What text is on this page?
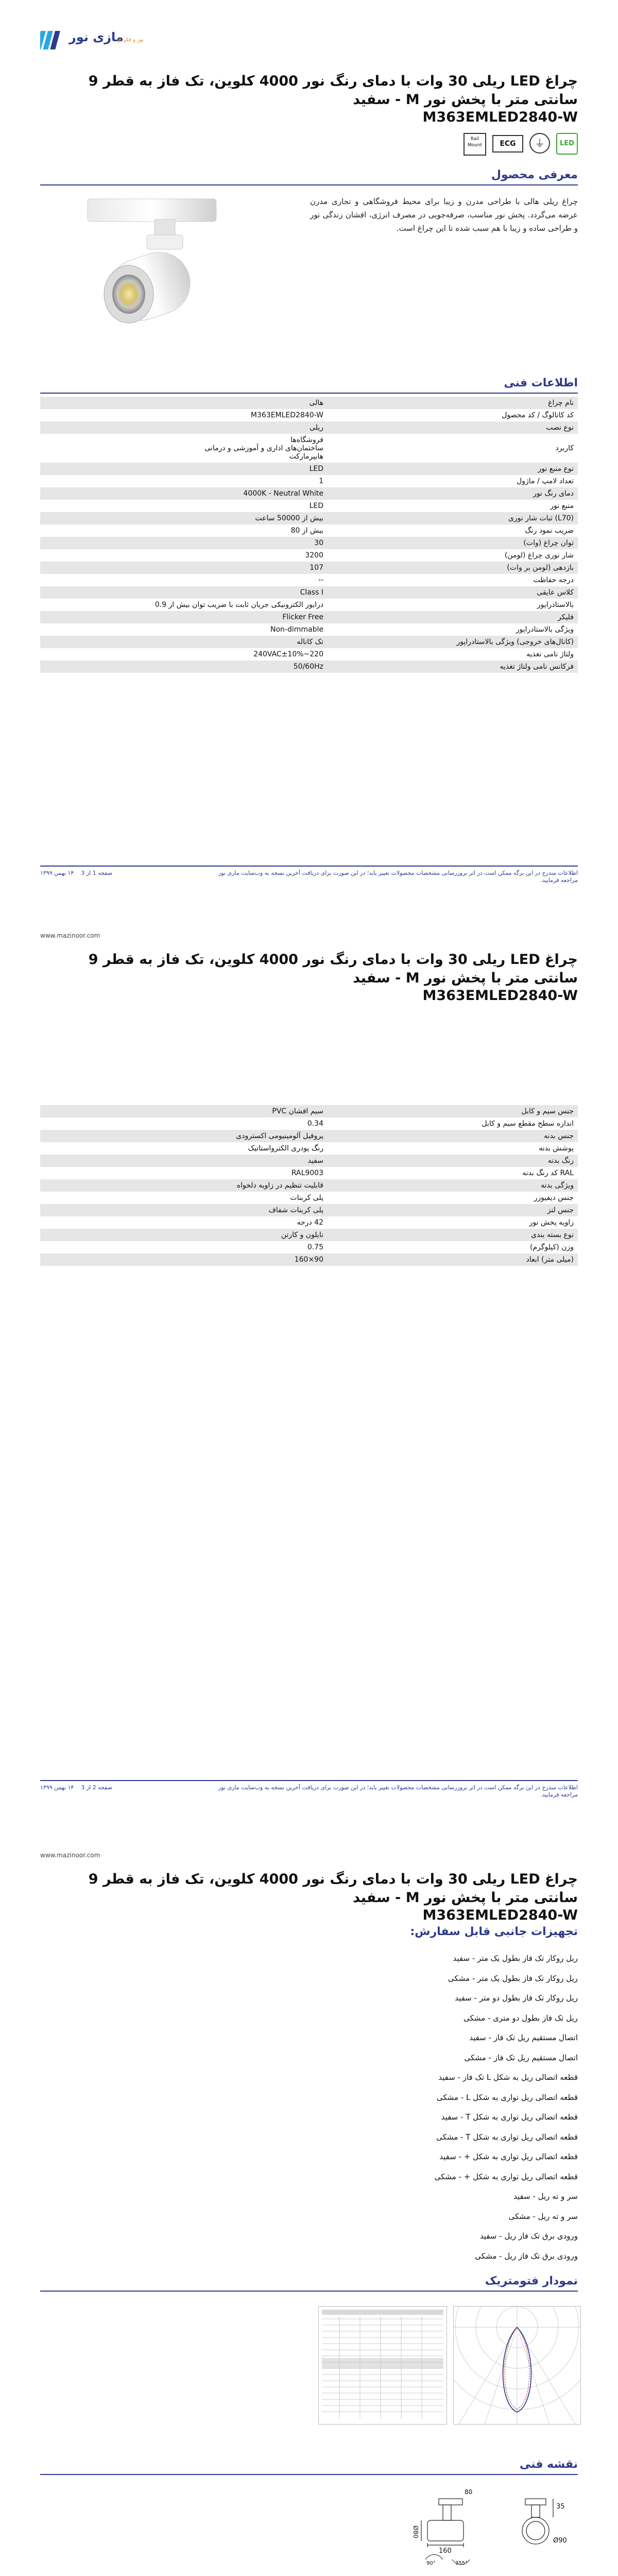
مازی نور
نور و فکر نو
چراغ LED ریلی 30 وات با دمای رنگ نور 4000 کلوین، تک فاز به قطر 9 سانتی متر با پخش نور M - سفید
M363EMLED2840-W
LED
⏚
ECG
Rail Mount
معرفی محصول
چراغ ریلی هالی با طراحی مدرن و زیبا برای محیط فروشگاهی و تجاری مدرن عرضه می‌گردد. پخش نور مناسب، صرفه‌جویی در مصرف انرژی، افشان زندگی نور و طراحی ساده و زیبا با هم سبب شده تا این چراغ است.
اطلاعات فنی
نام چراغ	هالی
کد کاتالوگ / کد محصول	M363EMLED2840-W
نوع نصب	ریلی
کاربرد	فروشگاه‌ها
ساختمان‌های اداری و آموزشی و درمانی
هایپرمارکت
نوع منبع نور	LED
تعداد لامپ / ماژول	1
دمای رنگ نور	4000K - Neutral White
منبع نور	LED
(L70) ثبات شار نوری	بیش از 50000 ساعت
ضریب نمود رنگ	بیش از 80
توان چراغ (وات)	30
شار نوری چراغ (لومن)	3200
بازدهی (لومن بر وات)	107
درجه حفاظت	--
کلاس عایقی	Class I
بالاستادراپور	درایور الکترونیکی جریان ثابت با ضریب توان بیش از 0.9
فلیکر	Flicker Free
ویژگی بالاستادراپور	Non-dimmable
(کانال‌های خروجی) ویژگی بالاستادراپور	تک کاناله
ولتاژ نامی تغذیه	220~240VAC±10%
فرکانس نامی ولتاژ تغذیه	50/60Hz
اطلاعات مندرج در این برگه ممکن است در اثر بروزرسانی مشخصات محصولات تغییر یابد؛ در این صورت برای دریافت آخرین نسخه به وب‌سایت مازی نور مراجعه فرمایید.
صفحه 1 از 3    ۱۴ بهمن ۱۳۹۹
www.mazinoor.com
چراغ LED ریلی 30 وات با دمای رنگ نور 4000 کلوین، تک فاز به قطر 9 سانتی متر با پخش نور M - سفید
M363EMLED2840-W
جنس سیم و کابل	سیم افشان PVC
اندازه سطح مقطع سیم و کابل	0.34
جنس بدنه	پروفیل آلومینیومی اکسترودی
پوشش بدنه	رنگ پودری الکترواستاتیک
رنگ بدنه	سفید
RAL کد رنگ بدنه	RAL9003
ویژگی بدنه	قابلیت تنظیم در زاویه دلخواه
جنس دیفیوزر	پلی کربنات
جنس لنز	پلی کربنات شفاف
زاویه پخش نور	42 درجه
نوع بسته بندی	نایلون و کارتن
وزن (کیلوگرم)	0.75
(میلی متر) ابعاد	90×160
اطلاعات مندرج در این برگه ممکن است در اثر بروزرسانی مشخصات محصولات تغییر یابد؛ در این صورت برای دریافت آخرین نسخه به وب‌سایت مازی نور مراجعه فرمایید.
صفحه 2 از 3    ۱۴ بهمن ۱۳۹۹
www.mazinoor.com
چراغ LED ریلی 30 وات با دمای رنگ نور 4000 کلوین، تک فاز به قطر 9 سانتی متر با پخش نور M - سفید
M363EMLED2840-W
تجهیزات جانبی قابل سفارش:
ریل روکار تک فاز بطول یک متر - سفید
ریل روکار تک فاز بطول یک متر - مشکی
ریل روکار تک فاز بطول دو متر - سفید
ریل تک فاز بطول دو متری - مشکی
اتصال مستقیم ریل تک فاز - سفید
اتصال مستقیم ریل تک فاز - مشکی
قطعه اتصالی ریل به شکل L تک فاز - سفید
قطعه اتصالی ریل تواری به شکل L - مشکی
قطعه اتصالی ریل تواری به شکل T - سفید
قطعه اتصالی ریل تواری به شکل T - مشکی
قطعه اتصالی ریل تواری به شکل + - سفید
قطعه اتصالی ریل تواری به شکل + - مشکی
سر و ته ریل - سفید
سر و ته ریل - مشکی
ورودی برق تک فاز ریل - سفید
ورودی برق تک فاز ریل - مشکی
نمودار فتومتریک
نقشه فنی
35
160
Ø90
Ø80
90°	355°
80
